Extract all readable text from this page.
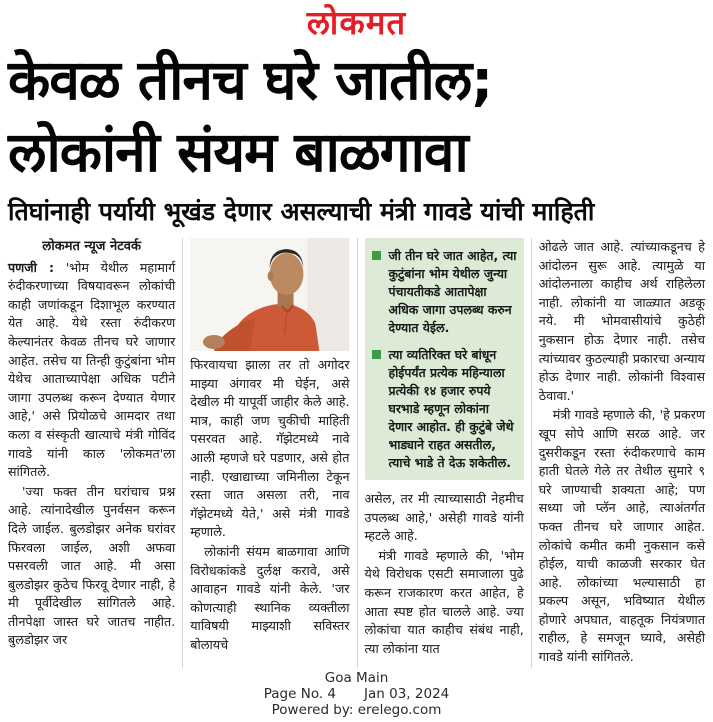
लोकमत
केवळ तीनच घरे जातील;
लोकांनी संयम बाळगावा
तिघांनाही पर्यायी भूखंड देणार असल्याची मंत्री गावडे यांची माहिती
लोकमत न्यूज नेटवर्क

पणजी : 'भोम येथील महामार्ग रुंदीकरणाच्या विषयावरून लोकांची काही जणांकडून दिशाभूल करण्यात येत आहे. येथे रस्ता रुंदीकरण केल्यानंतर केवळ तीनच घरे जाणार आहेत. तसेच या तिन्ही कुटुंबांना भोम येथेच आताच्यापेक्षा अधिक पटीने जागा उपलब्ध करून देण्यात येणार आहे,' असे प्रियोळचे आमदार तथा कला व संस्कृती खात्याचे मंत्री गोविंद गावडे यांनी काल 'लोकमत'ला सांगितले.

'ज्या फक्त तीन घरांचाच प्रश्न आहे. त्यांनादेखील पुनर्वसन करून दिले जाईल. बुलडोझर अनेक घरांवर फिरवला जाईल, अशी अफवा पसरवली जात आहे. मी असा बुलडोझर कुठेच फिरवू देणार नाही, हे मी पूर्वीदेखील सांगितले आहे. तीनपेक्षा जास्त घरे जातच नाहीत. बुलडोझर जर

फिरवायचा झाला तर तो अगोदर माझ्या अंगावर मी घेईन, असे देखील मी यापूर्वी जाहीर केले आहे. मात्र, काही जण चुकीची माहिती पसरवत आहे. गॅझेटमध्ये नावे आली म्हणजे घरे पडणार, असे होत नाही. एखाद्याच्या जमिनीला टेकून रस्ता जात असला तरी, नाव गॅझेटमध्ये येते,' असे मंत्री गावडे म्हणाले.

लोकांनी संयम बाळगावा आणि विरोधकांकडे दुर्लक्ष करावे, असे आवाहन गावडे यांनी केले. 'जर कोणत्याही स्थानिक व्यक्तीला याविषयी माझ्याशी सविस्तर बोलायचे

जी तीन घरे जात आहेत, त्या कुटुंबांना भोम येथील जुन्या पंचायतीकडे आतापेक्षा अधिक जागा उपलब्ध करुन देण्यात येईल.
त्या व्यतिरिक्त घरे बांधून होईपर्यंत प्रत्येक महिन्याला प्रत्येकी १४ हजार रुपये घरभाडे म्हणून लोकांना देणार आहोत. ही कुटुंबे जेथे भाड्याने राहत असतील, त्याचे भाडे ते देऊ शकेतील.

असेल, तर मी त्याच्यासाठी नेहमीच उपलब्ध आहे,' असेही गावडे यांनी म्हटले आहे.

मंत्री गावडे म्हणाले की, 'भोम येथे विरोधक एसटी समाजाला पुढे करून राजकारण करत आहेत, हे आता स्पष्ट होत चालले आहे. ज्या लोकांचा यात काहीच संबंध नाही, त्या लोकांना यात

ओढले जात आहे. त्यांच्याकडूनच हे आंदोलन सुरू आहे. त्यामुळे या आंदोलनाला काहीच अर्थ राहिलेला नाही. लोकांनी या जाळ्यात अडकू नये. मी भोमवासीयांचे कुठेही नुकसान होऊ देणार नाही. तसेच त्यांच्यावर कुठल्याही प्रकारचा अन्याय होऊ देणार नाही. लोकांनी विश्वास ठेवावा.'

मंत्री गावडे म्हणाले की, 'हे प्रकरण खूप सोपे आणि सरळ आहे. जर दुसरीकडून रस्ता रुंदीकरणाचे काम हाती घेतले गेले तर तेथील सुमारे ९ घरे जाण्याची शक्यता आहे; पण सध्या जो प्लॅन आहे, त्याअंतर्गत फक्त तीनच घरे जाणार आहेत. लोकांचे कमीत कमी नुकसान कसे होईल, याची काळजी सरकार घेत आहे. लोकांच्या भल्यासाठी हा प्रकल्प असून, भविष्यात येथील होणारे अपघात, वाहतूक नियंत्रणात राहील, हे समजून घ्यावे, असेही गावडे यांनी सांगितले.

Goa Main
Page No. 4 Jan 03, 2024
Powered by: erelego.com
